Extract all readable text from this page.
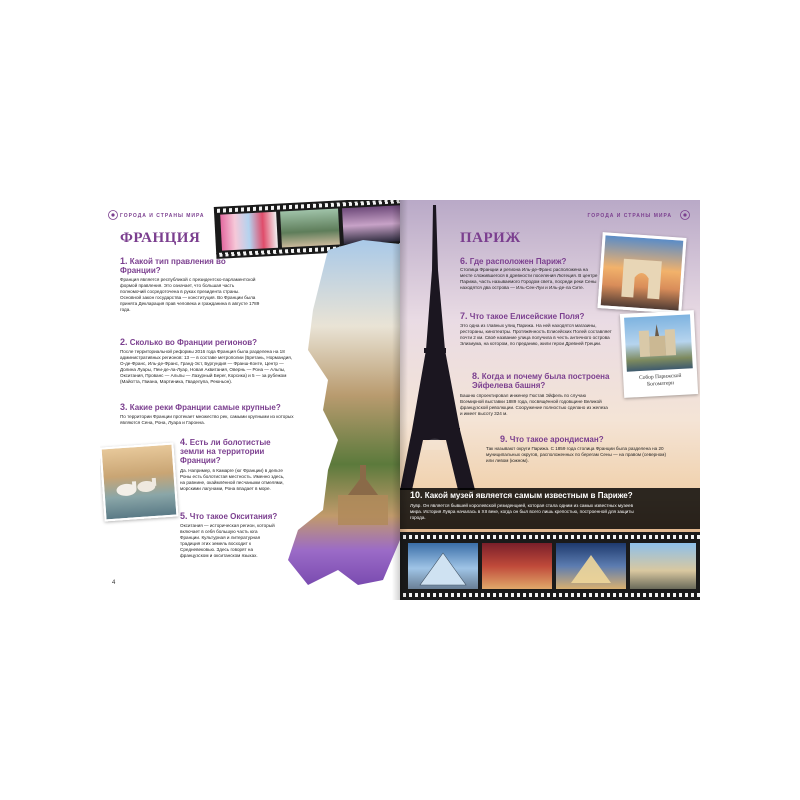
ГОРОДА И СТРАНЫ МИРА
ФРАНЦИЯ
1. Какой тип правления во Франции?
Франция является республикой с президентско-парламентской формой правления. Это означает, что большая часть полномочий сосредоточена в руках президента страны. Основной закон государства — конституция. Во Франции была принята Декларация прав человека и гражданина в августе 1789 года.
2. Сколько во Франции регионов?
После территориальной реформы 2016 года Франция была разделена на 18 административных регионов: 13 — в составе метрополии (Бретань, Нормандия, О-де-Франс, Иль-де-Франс, Гранд-Эст, Бургундия — Франш-Конте, Центр — Долина Луары, Пеи-де-ла-Луар, Новая Аквитания, Овернь — Рона — Альпы, Окситания, Прованс — Альпы — Лазурный Берег, Корсика) и 5 — за рубежом (Майотта, Гвиана, Мартиника, Гваделупа, Реюньон).
3. Какие реки Франции самые крупные?
По территории Франции протекает множество рек, самыми крупными из которых являются Сена, Рона, Луара и Гаронна.
4. Есть ли болотистые земли на территории Франции?
Да. Например, в Камарге (юг Франции) в дельте Роны есть болотистая местность. Именно здесь, на равнине, окаймлённой песчаными отмелями, морскими лагунами, Рона впадает в море.
5. Что такое Окситания?
Окситания — историческая регион, который включает в себя большую часть юга Франции. Культурная и литературная традиция этих земель восходит к Средневековью. Здесь говорят на французском и окситанском языках.
4
ГОРОДА И СТРАНЫ МИРА
ПАРИЖ
Собор Парижской Богоматери
6. Где расположен Париж?
Столица Франции и региона Иль-де-Франс расположена на месте сложившегося в древности поселения Лютеция. В центре Парижа, часть называемого Городом света, посреди реки Сены находятся два острова — Иль-Сен-Луи и Иль-де-ла Сите.
7. Что такое Елисейские Поля?
Это одна из главных улиц Парижа. На ней находятся магазины, рестораны, кинотеатры. Протяжённость Елисейских Полей составляет почти 2 км. Своё название улица получила в честь античного острова Элизиума, на котором, по преданию, жили герои Древней Греции.
8. Когда и почему была построена Эйфелева башня?
Башню спроектировал инженер Гюстав Эйфель по случаю Всемирной выставки 1889 года, посвящённой годовщине Великой французской революции. Сооружение полностью сделано из железа и имеет высоту 324 м.
9. Что такое арондисман?
Так называют округи Парижа. С 1859 года столица Франции была разделена на 20 муниципальных округов, расположенных по берегам Сены — на правом (северном) или левом (южном).
10. Какой музей является самым известным в Париже?
Лувр. Он является бывшей королевской резиденцией, которая стала одним из самых известных музеев мира. История Лувра началась в XII веке, когда он был всего лишь крепостью, построенной для защиты города.
